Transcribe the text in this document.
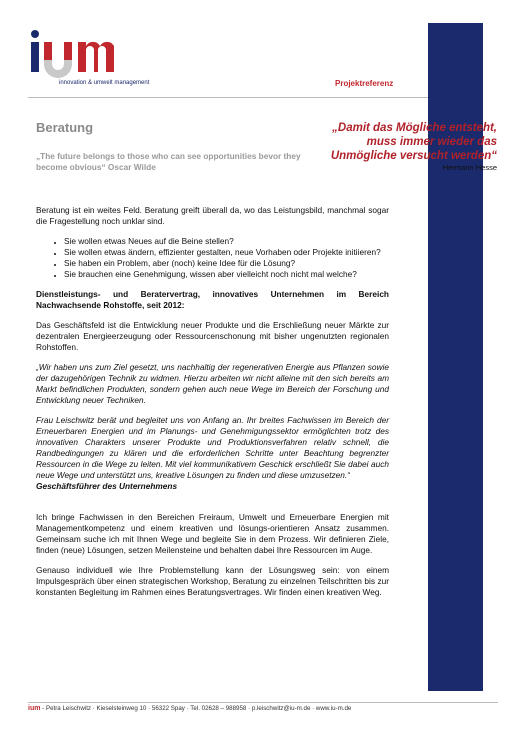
innovation & umwelt management	Projektreferenz
Beratung
„The future belongs to those who can see opportunities bevor they become obvious“ Oscar Wilde
„Damit das Mögliche entsteht, muss immer wieder das Unmögliche versucht werden“
Hermann Hesse

Beratung ist ein weites Feld. Beratung greift überall da, wo das Leistungsbild, manchmal sogar die Fragestellung noch unklar sind.

• Sie wollen etwas Neues auf die Beine stellen?
• Sie wollen etwas ändern, effizienter gestalten, neue Vorhaben oder Projekte initiieren?
• Sie haben ein Problem, aber (noch) keine Idee für die Lösung?
• Sie brauchen eine Genehmigung, wissen aber vielleicht noch nicht mal welche?

Dienstleistungs- und Beratervertrag, innovatives Unternehmen im Bereich Nachwachsende Rohstoffe, seit 2012:

Das Geschäftsfeld ist die Entwicklung neuer Produkte und die Erschließung neuer Märkte zur dezentralen Energieerzeugung oder Ressourcenschonung mit bisher ungenutzten regionalen Rohstoffen.

„Wir haben uns zum Ziel gesetzt, uns nachhaltig der regenerativen Energie aus Pflanzen sowie der dazugehörigen Technik zu widmen. Hierzu arbeiten wir nicht alleine mit den sich bereits am Markt befindlichen Produkten, sondern gehen auch neue Wege im Bereich der Forschung und Entwicklung neuer Techniken.

Frau Leischwitz berät und begleitet uns von Anfang an. Ihr breites Fachwissen im Bereich der Erneuerbaren Energien und im Planungs- und Genehmigungssektor ermöglichten trotz des innovativen Charakters unserer Produkte und Produktionsverfahren relativ schnell, die Randbedingungen zu klären und die erforderlichen Schritte unter Beachtung begrenzter Ressourcen in die Wege zu leiten. Mit viel kommunikativem Geschick erschließt Sie dabei auch neue Wege und unterstützt uns, kreative Lösungen zu finden und diese umzusetzen.“

Geschäftsführer des Unternehmens

Ich bringe Fachwissen in den Bereichen Freiraum, Umwelt und Erneuerbare Energien mit Managementkompetenz und einem kreativen und lösungs-orientieren Ansatz zusammen. Gemeinsam suche ich mit Ihnen Wege und begleite Sie in dem Prozess. Wir definieren Ziele, finden (neue) Lösungen, setzen Meilensteine und behalten dabei Ihre Ressourcen im Auge.

Genauso individuell wie Ihre Problemstellung kann der Lösungsweg sein: von einem Impulsgespräch über einen strategischen Workshop, Beratung zu einzelnen Teilschritten bis zur konstanten Begleitung im Rahmen eines Beratungsvertrages. Wir finden einen kreativen Weg.

ium - Petra Leischwitz · Kieselsteinweg 10 · 56322 Spay · Tel. 02628 – 988958 · p.leischwitz@iu-m.de · www.iu-m.de
